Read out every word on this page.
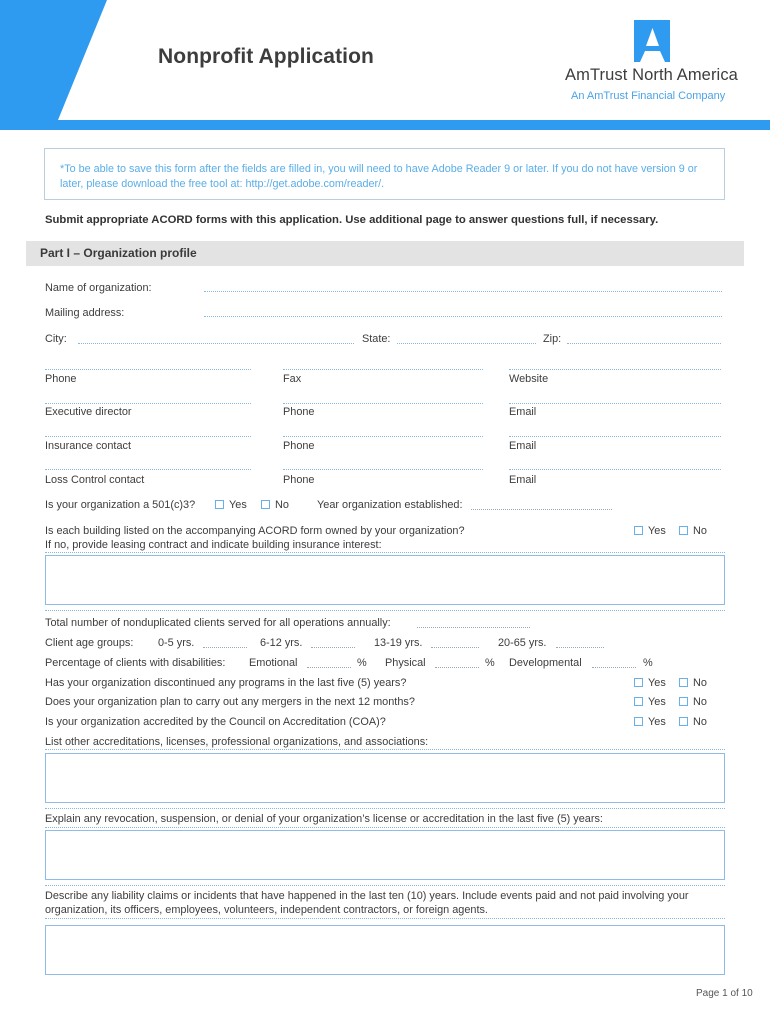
Nonprofit Application
AmTrust North America
An AmTrust Financial Company
*To be able to save this form after the fields are filled in, you will need to have Adobe Reader 9 or later. If you do not have version 9 or later, please download the free tool at: http://get.adobe.com/reader/.
Submit appropriate ACORD forms with this application. Use additional page to answer questions full, if necessary.
Part I – Organization profile
Name of organization:
Mailing address:
City:	State:	Zip:
Phone	Fax	Website
Executive director	Phone	Email
Insurance contact	Phone	Email
Loss Control contact	Phone	Email
Is your organization a 501(c)3?	Yes	No	Year organization established:
Is each building listed on the accompanying ACORD form owned by your organization?	Yes No
If no, provide leasing contract and indicate building insurance interest:
Total number of nonduplicated clients served for all operations annually:
Client age groups: 0-5 yrs.	6-12 yrs.	13-19 yrs.	20-65 yrs.
Percentage of clients with disabilities: Emotional	% Physical	% Developmental	%
Has your organization discontinued any programs in the last five (5) years?	Yes No
Does your organization plan to carry out any mergers in the next 12 months?	Yes No
Is your organization accredited by the Council on Accreditation (COA)?	Yes No
List other accreditations, licenses, professional organizations, and associations:
Explain any revocation, suspension, or denial of your organization’s license or accreditation in the last five (5) years:
Describe any liability claims or incidents that have happened in the last ten (10) years. Include events paid and not paid involving your
organization, its officers, employees, volunteers, independent contractors, or foreign agents.
Page 1 of 10
